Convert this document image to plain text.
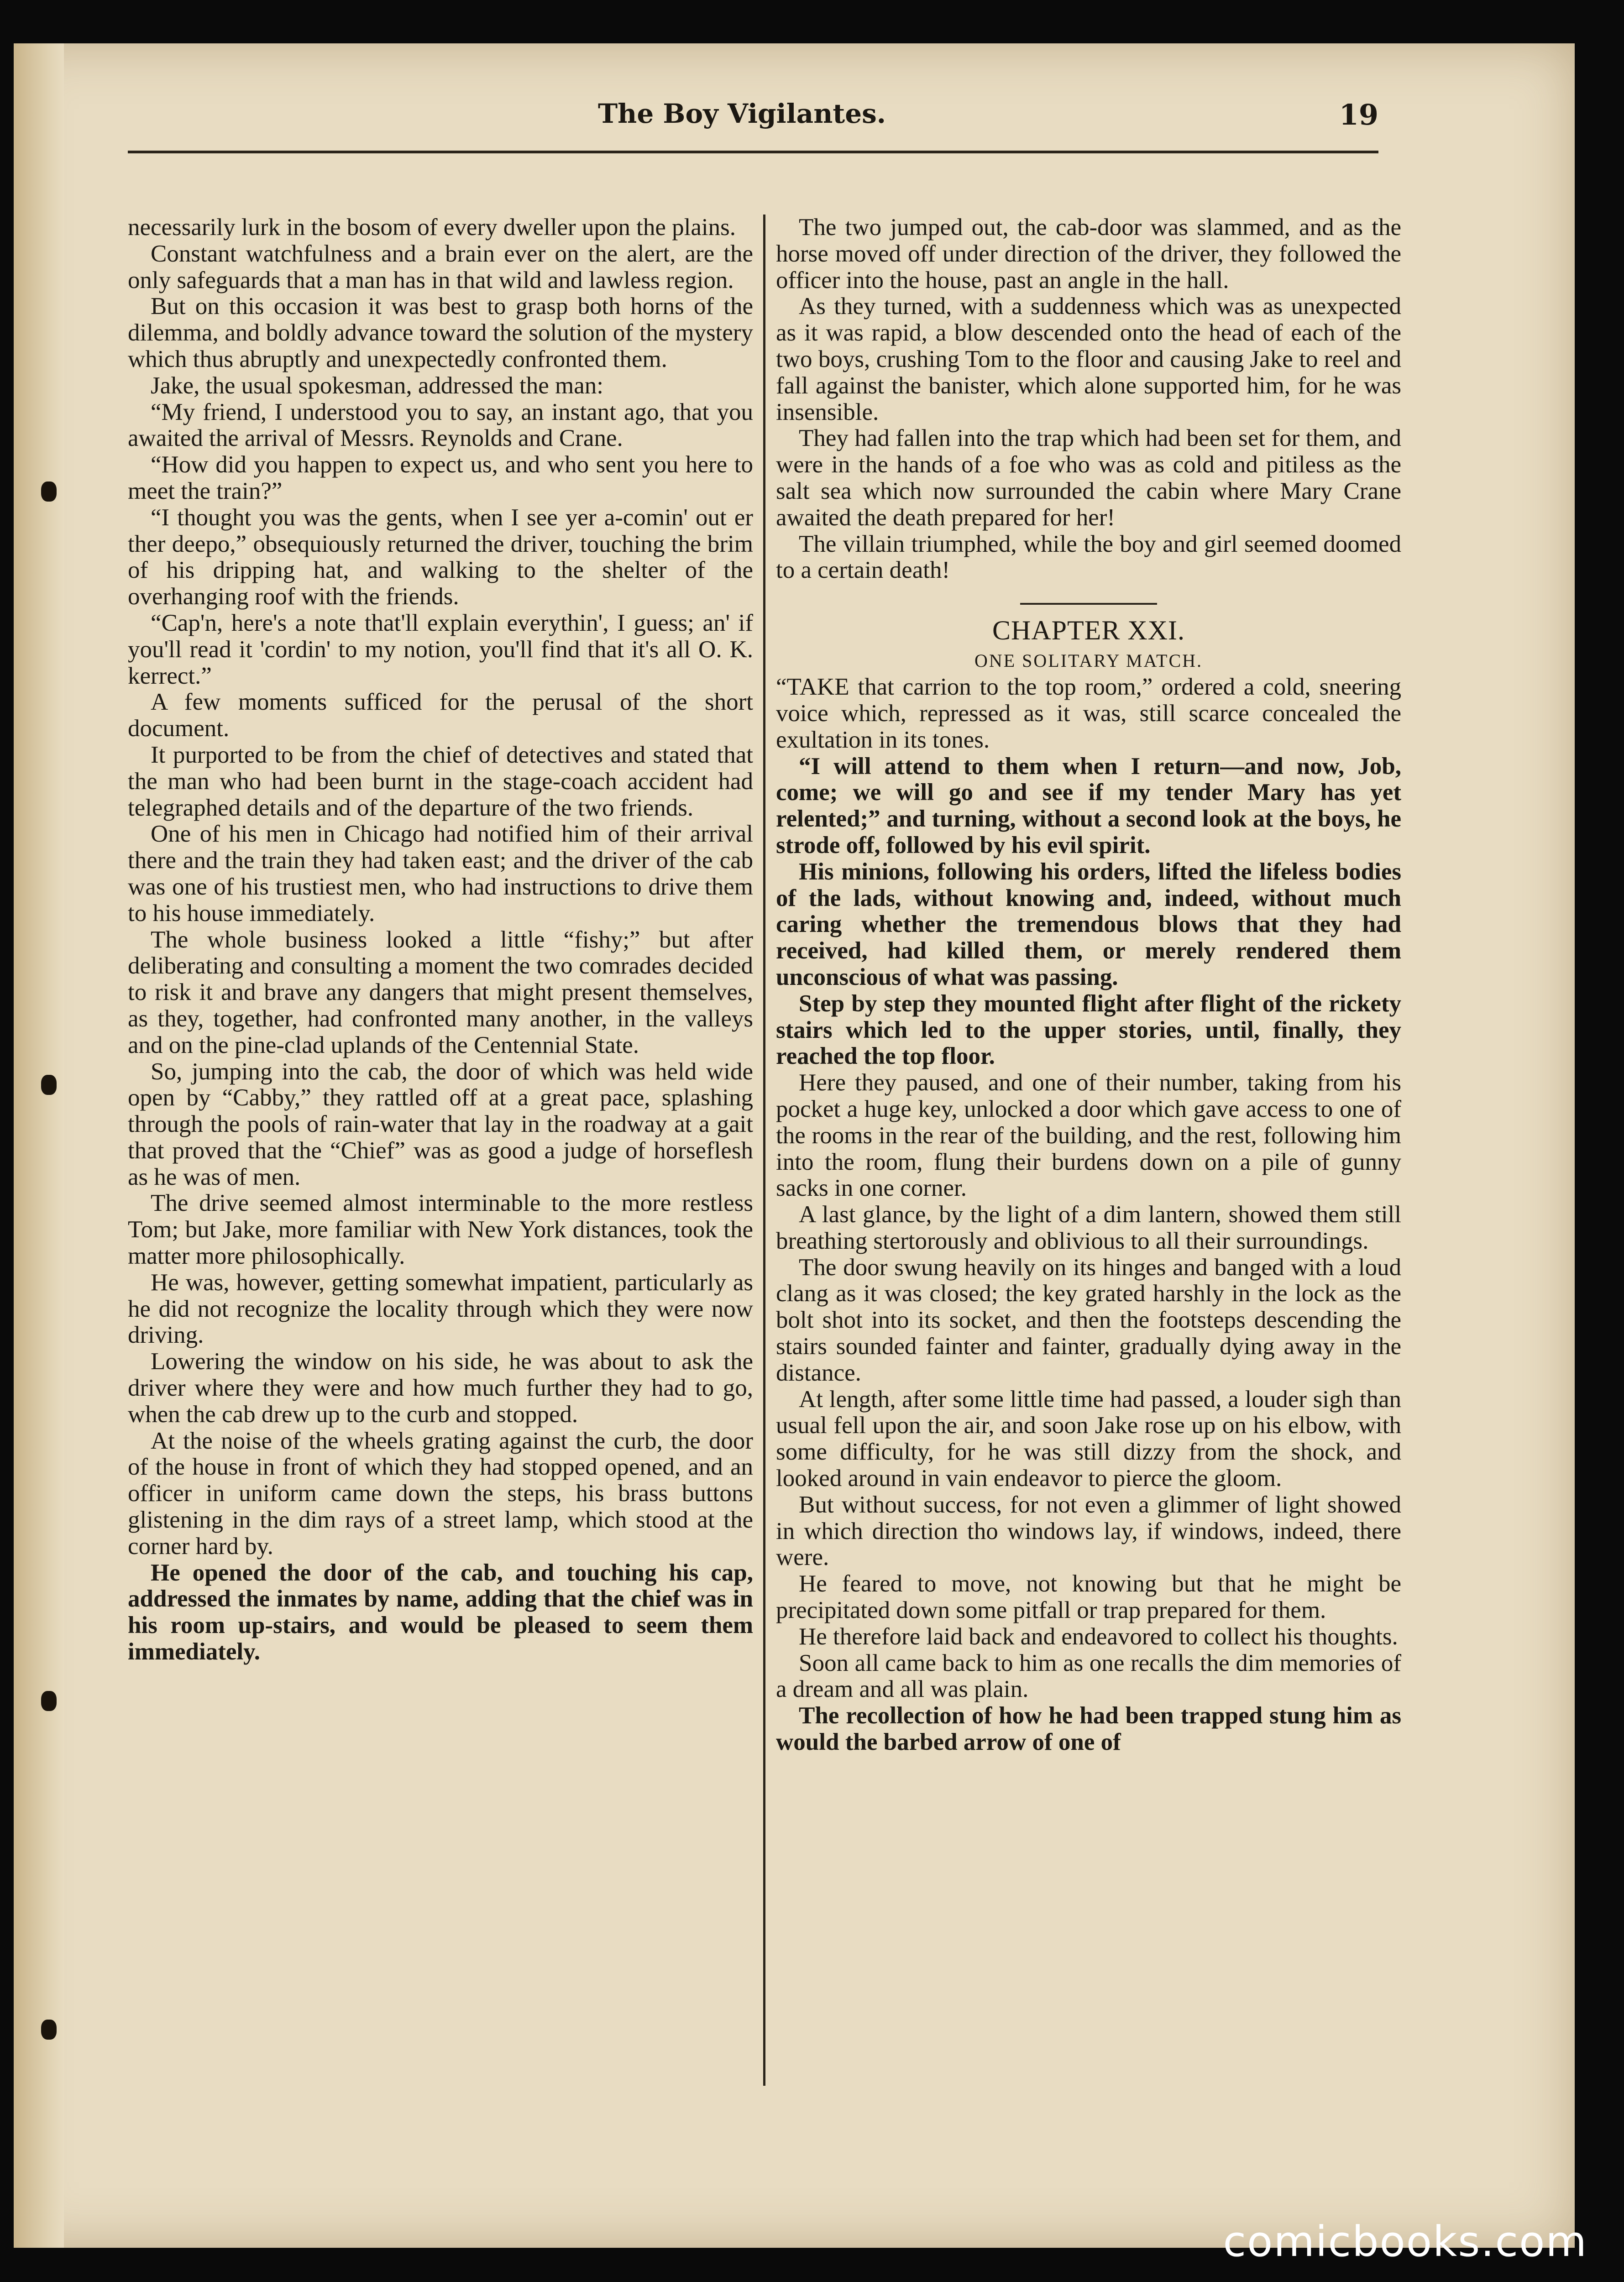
The Boy Vigilantes.	19

necessarily lurk in the bosom of every dweller upon the plains.

Constant watchfulness and a brain ever on the alert, are the only safeguards that a man has in that wild and lawless region.

But on this occasion it was best to grasp both horns of the dilemma, and boldly advance toward the solution of the mystery which thus abruptly and unexpectedly confronted them.

Jake, the usual spokesman, addressed the man:

“My friend, I understood you to say, an instant ago, that you awaited the arrival of Messrs. Reynolds and Crane.

“How did you happen to expect us, and who sent you here to meet the train?”

“I thought you was the gents, when I see yer a-comin' out er ther deepo,” obsequiously returned the driver, touching the brim of his dripping hat, and walking to the shelter of the overhanging roof with the friends.

“Cap'n, here's a note that'll explain everythin', I guess; an' if you'll read it 'cordin' to my notion, you'll find that it's all O. K. kerrect.”

A few moments sufficed for the perusal of the short document.

It purported to be from the chief of detectives and stated that the man who had been burnt in the stage-coach accident had telegraphed details and of the departure of the two friends.

One of his men in Chicago had notified him of their arrival there and the train they had taken east; and the driver of the cab was one of his trustiest men, who had instructions to drive them to his house immediately.

The whole business looked a little “fishy;” but after deliberating and consulting a moment the two comrades decided to risk it and brave any dangers that might present themselves, as they, together, had confronted many another, in the valleys and on the pine-clad uplands of the Centennial State.

So, jumping into the cab, the door of which was held wide open by “Cabby,” they rattled off at a great pace, splashing through the pools of rain-water that lay in the roadway at a gait that proved that the “Chief” was as good a judge of horseflesh as he was of men.

The drive seemed almost interminable to the more restless Tom; but Jake, more familiar with New York distances, took the matter more philosophically.

He was, however, getting somewhat impatient, particularly as he did not recognize the locality through which they were now driving.

Lowering the window on his side, he was about to ask the driver where they were and how much further they had to go, when the cab drew up to the curb and stopped.

At the noise of the wheels grating against the curb, the door of the house in front of which they had stopped opened, and an officer in uniform came down the steps, his brass buttons glistening in the dim rays of a street lamp, which stood at the corner hard by.

He opened the door of the cab, and touching his cap, addressed the inmates by name, adding that the chief was in his room up-stairs, and would be pleased to seem them immediately.

The two jumped out, the cab-door was slammed, and as the horse moved off under direction of the driver, they followed the officer into the house, past an angle in the hall.

As they turned, with a suddenness which was as unexpected as it was rapid, a blow descended onto the head of each of the two boys, crushing Tom to the floor and causing Jake to reel and fall against the banister, which alone supported him, for he was insensible.

They had fallen into the trap which had been set for them, and were in the hands of a foe who was as cold and pitiless as the salt sea which now surrounded the cabin where Mary Crane awaited the death prepared for her!

The villain triumphed, while the boy and girl seemed doomed to a certain death!

CHAPTER XXI.

ONE SOLITARY MATCH.

“TAKE that carrion to the top room,” ordered a cold, sneering voice which, repressed as it was, still scarce concealed the exultation in its tones.

“I will attend to them when I return—and now, Job, come; we will go and see if my tender Mary has yet relented;” and turning, without a second look at the boys, he strode off, followed by his evil spirit.

His minions, following his orders, lifted the lifeless bodies of the lads, without knowing and, indeed, without much caring whether the tremendous blows that they had received, had killed them, or merely rendered them unconscious of what was passing.

Step by step they mounted flight after flight of the rickety stairs which led to the upper stories, until, finally, they reached the top floor.

Here they paused, and one of their number, taking from his pocket a huge key, unlocked a door which gave access to one of the rooms in the rear of the building, and the rest, following him into the room, flung their burdens down on a pile of gunny sacks in one corner.

A last glance, by the light of a dim lantern, showed them still breathing stertorously and oblivious to all their surroundings.

The door swung heavily on its hinges and banged with a loud clang as it was closed; the key grated harshly in the lock as the bolt shot into its socket, and then the footsteps descending the stairs sounded fainter and fainter, gradually dying away in the distance.

At length, after some little time had passed, a louder sigh than usual fell upon the air, and soon Jake rose up on his elbow, with some difficulty, for he was still dizzy from the shock, and looked around in vain endeavor to pierce the gloom.

But without success, for not even a glimmer of light showed in which direction tho windows lay, if windows, indeed, there were.

He feared to move, not knowing but that he might be precipitated down some pitfall or trap prepared for them.

He therefore laid back and endeavored to collect his thoughts.

Soon all came back to him as one recalls the dim memories of a dream and all was plain.

The recollection of how he had been trapped stung him as would the barbed arrow of one of

comicbooks.com
